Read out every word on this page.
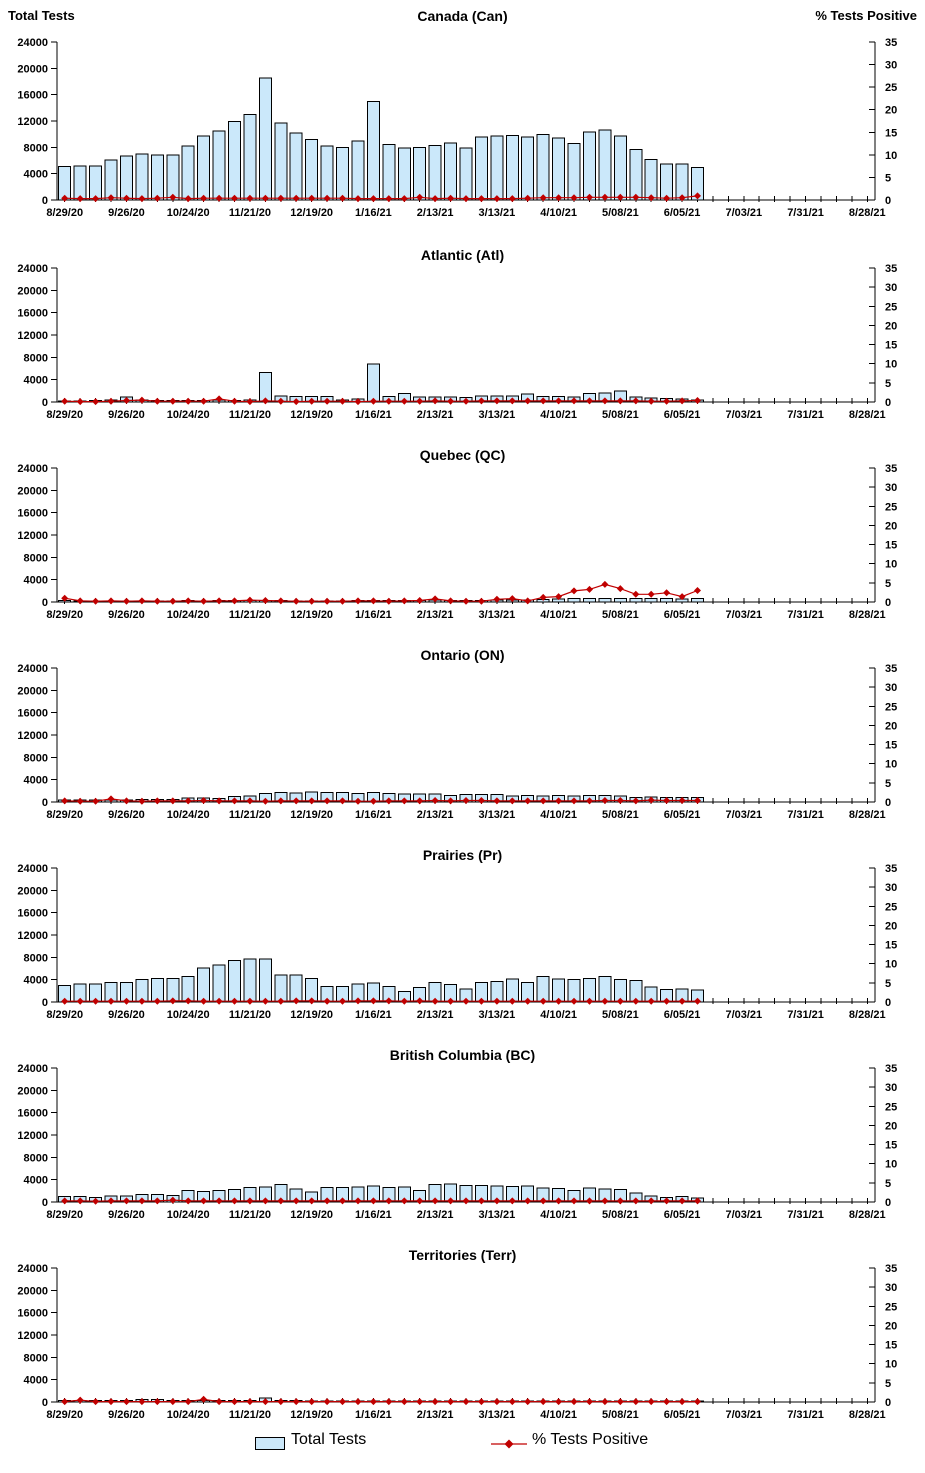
Total Tests	Canada (Can)	% Tests Positive
0
4000
8000
12000
16000
20000
24000
0
5
10
15
20
25
30
35
8/29/20 9/26/20 10/24/20 11/21/20 12/19/20 1/16/21 2/13/21 3/13/21 4/10/21 5/08/21 6/05/21 7/03/21 7/31/21 8/28/21
Atlantic (Atl)
0
4000
8000
12000
16000
20000
24000
0
5
10
15
20
25
30
35
8/29/20 9/26/20 10/24/20 11/21/20 12/19/20 1/16/21 2/13/21 3/13/21 4/10/21 5/08/21 6/05/21 7/03/21 7/31/21 8/28/21
Quebec (QC)
0
4000
8000
12000
16000
20000
24000
0
5
10
15
20
25
30
35
8/29/20 9/26/20 10/24/20 11/21/20 12/19/20 1/16/21 2/13/21 3/13/21 4/10/21 5/08/21 6/05/21 7/03/21 7/31/21 8/28/21
Ontario (ON)
0
4000
8000
12000
16000
20000
24000
0
5
10
15
20
25
30
35
8/29/20 9/26/20 10/24/20 11/21/20 12/19/20 1/16/21 2/13/21 3/13/21 4/10/21 5/08/21 6/05/21 7/03/21 7/31/21 8/28/21
Prairies (Pr)
0
4000
8000
12000
16000
20000
24000
0
5
10
15
20
25
30
35
8/29/20 9/26/20 10/24/20 11/21/20 12/19/20 1/16/21 2/13/21 3/13/21 4/10/21 5/08/21 6/05/21 7/03/21 7/31/21 8/28/21
British Columbia (BC)
0
4000
8000
12000
16000
20000
24000
0
5
10
15
20
25
30
35
8/29/20 9/26/20 10/24/20 11/21/20 12/19/20 1/16/21 2/13/21 3/13/21 4/10/21 5/08/21 6/05/21 7/03/21 7/31/21 8/28/21
Territories (Terr)
0
4000
8000
12000
16000
20000
24000
0
5
10
15
20
25
30
35
8/29/20 9/26/20 10/24/20 11/21/20 12/19/20 1/16/21 2/13/21 3/13/21 4/10/21 5/08/21 6/05/21 7/03/21 7/31/21 8/28/21
Total Tests	% Tests Positive
